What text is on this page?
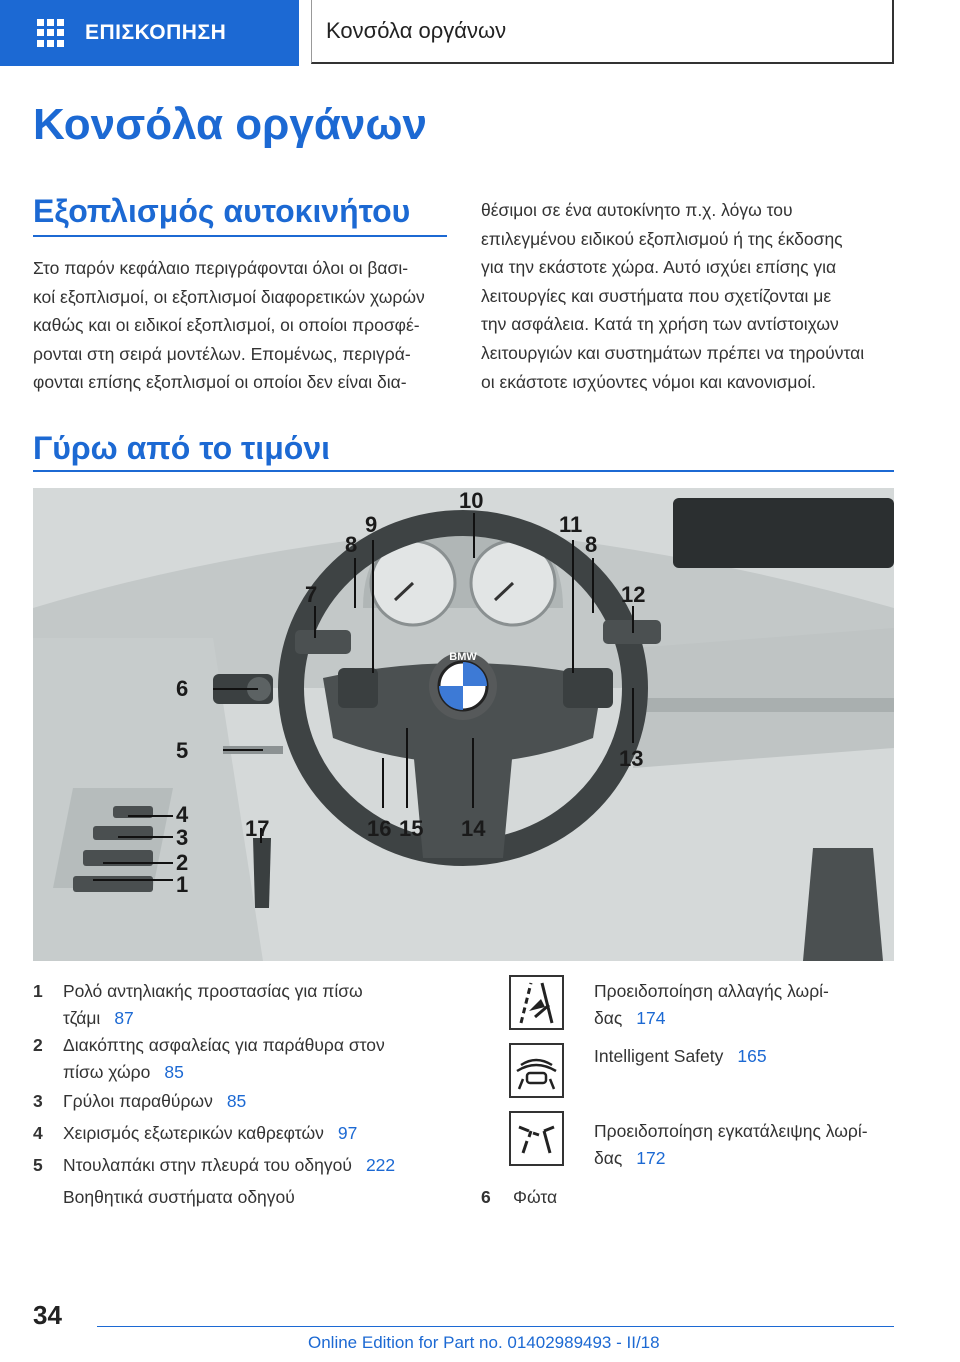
ΕΠΙΣΚΟΠΗΣΗ	Κονσόλα οργάνων
Κονσόλα οργάνων
Εξοπλισμός αυτοκινήτου

Στο παρόν κεφάλαιο περιγράφονται όλοι οι βασι‐
κοί εξοπλισμοί, οι εξοπλισμοί διαφορετικών χωρών
καθώς και οι ειδικοί εξοπλισμοί, οι οποίοι προσφέ‐
ρονται στη σειρά μοντέλων. Επομένως, περιγρά‐
φονται επίσης εξοπλισμοί οι οποίοι δεν είναι δια‐

θέσιμοι σε ένα αυτοκίνητο π.χ. λόγω του
επιλεγμένου ειδικού εξοπλισμού ή της έκδοσης
για την εκάστοτε χώρα. Αυτό ισχύει επίσης για
λειτουργίες και συστήματα που σχετίζονται με
την ασφάλεια. Κατά τη χρήση των αντίστοιχων
λειτουργιών και συστημάτων πρέπει να τηρούνται
οι εκάστοτε ισχύοντες νόμοι και κανονισμοί.

Γύρω από το τιμόνι
BMW
1
2
3
4
5
6
7
8
9
10
11
8
12
13
14
15
16
17
1 Ρολό αντηλιακής προστασίας για πίσω
τζάμι 87
2 Διακόπτης ασφαλείας για παράθυρα στον
πίσω χώρο 85
3 Γρύλοι παραθύρων 85
4 Χειρισμός εξωτερικών καθρεφτών 97
5 Ντουλαπάκι στην πλευρά του οδηγού 222
Βοηθητικά συστήματα οδηγού
Προειδοποίηση αλλαγής λωρί‐
δας 174
Intelligent Safety 165
Προειδοποίηση εγκατάλειψης λωρί‐
δας 172
6 Φώτα
34
Online Edition for Part no. 01402989493 - II/18
